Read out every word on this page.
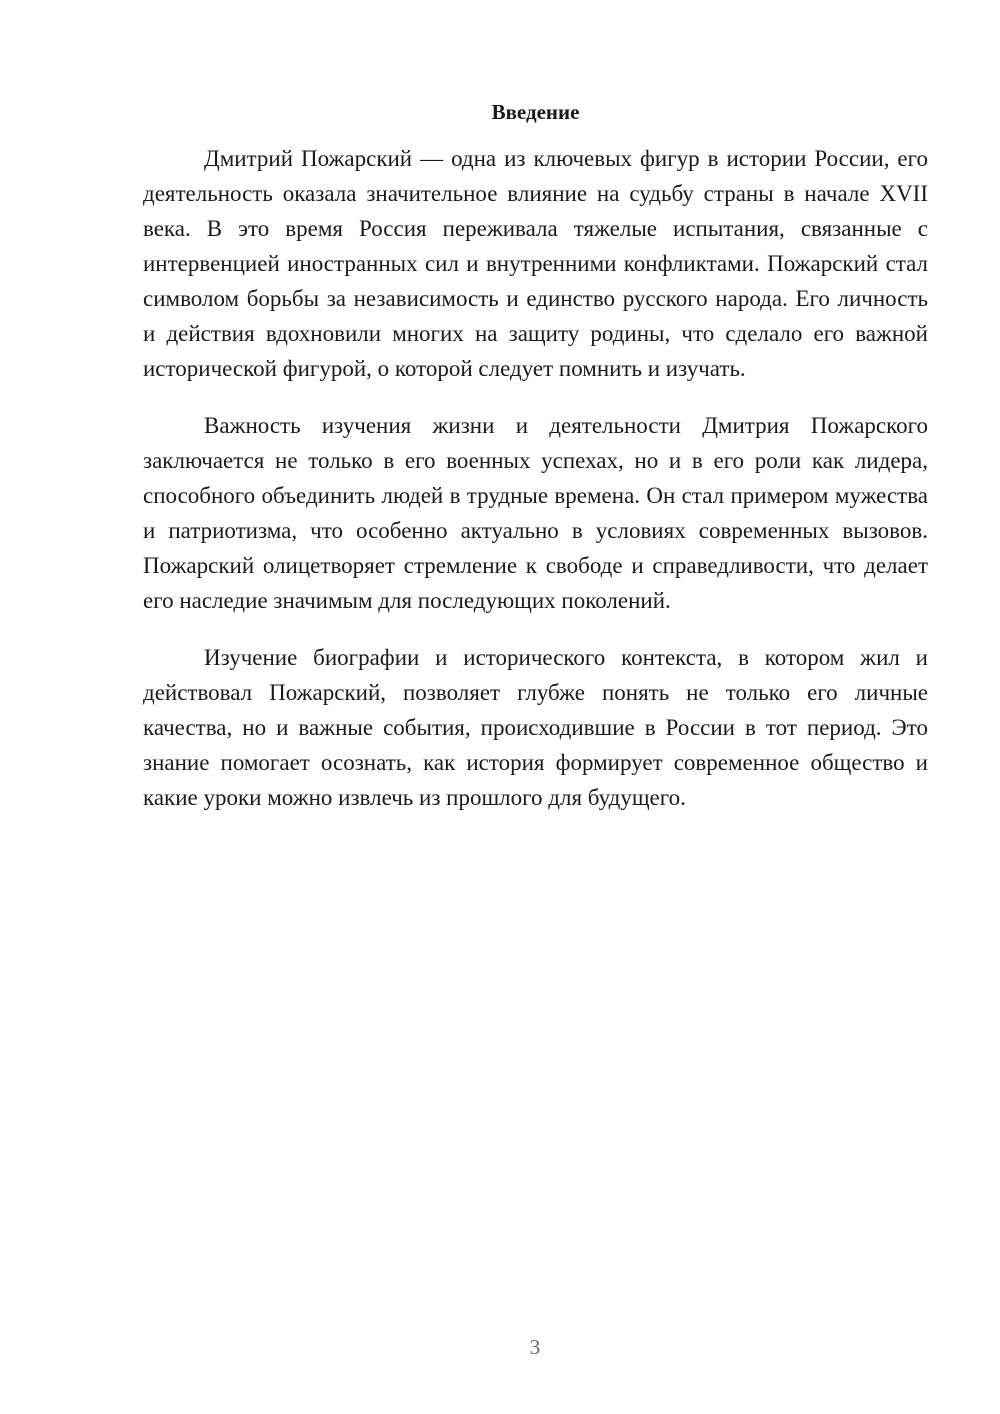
Введение

Дмитрий Пожарский — одна из ключевых фигур в истории России, его деятельность оказала значительное влияние на судьбу страны в начале XVII века. В это время Россия переживала тяжелые испытания, связанные с интервенцией иностранных сил и внутренними конфликтами. Пожарский стал символом борьбы за независимость и единство русского народа. Его личность и действия вдохновили многих на защиту родины, что сделало его важной исторической фигурой, о которой следует помнить и изучать.

Важность изучения жизни и деятельности Дмитрия Пожарского заключается не только в его военных успехах, но и в его роли как лидера, способного объединить людей в трудные времена. Он стал примером мужества и патриотизма, что особенно актуально в условиях современных вызовов. Пожарский олицетворяет стремление к свободе и справедливости, что делает его наследие значимым для последующих поколений.

Изучение биографии и исторического контекста, в котором жил и действовал Пожарский, позволяет глубже понять не только его личные качества, но и важные события, происходившие в России в тот период. Это знание помогает осознать, как история формирует современное общество и какие уроки можно извлечь из прошлого для будущего.

3
